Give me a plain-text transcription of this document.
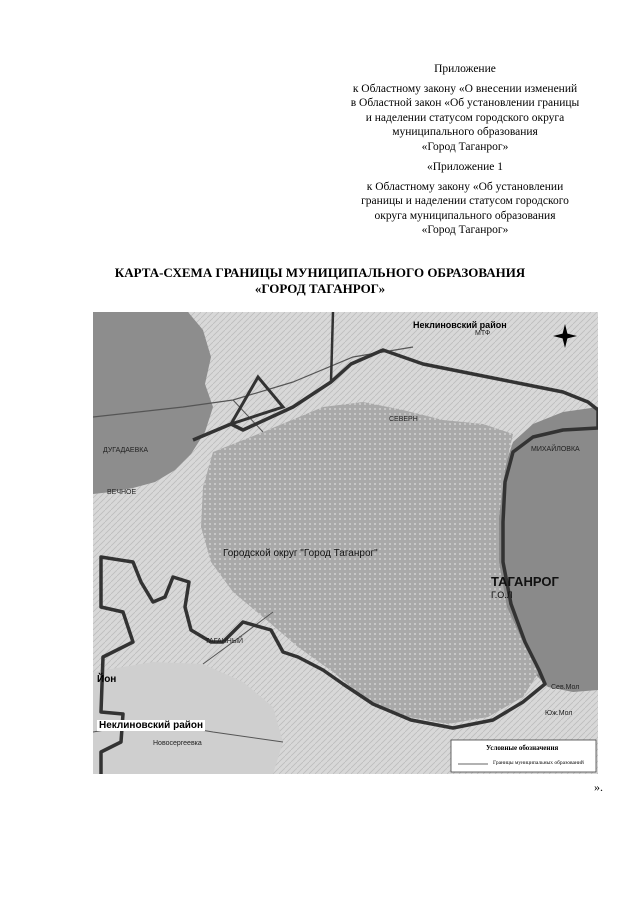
Приложение
к Областному закону «О внесении изменений
в Областной закон «Об установлении границы
и наделении статусом городского округа
муниципального образования
«Город Таганрог»
«Приложение 1
к Областному закону «Об установлении
границы и наделении статусом городского
округа муниципального образования
«Город Таганрог»
КАРТА-СХЕМА ГРАНИЦЫ МУНИЦИПАЛЬНОГО ОБРАЗОВАНИЯ
«ГОРОД ТАГАНРОГ»
Неклиновский район
Неклиновский район
Городской округ "Город Таганрог"
ТАГАНРОГ
Г.О.Л
ДУГАДАЕВКА
ВЕЧНОЕ
МИХАЙЛОВКА
ТАГАННЫЙ
Новосергеевка
Йон
Сев.Мол
Юж.Мол
СЕВЕРН
МТФ
Условные обозначения
Границы муниципальных образований
».
